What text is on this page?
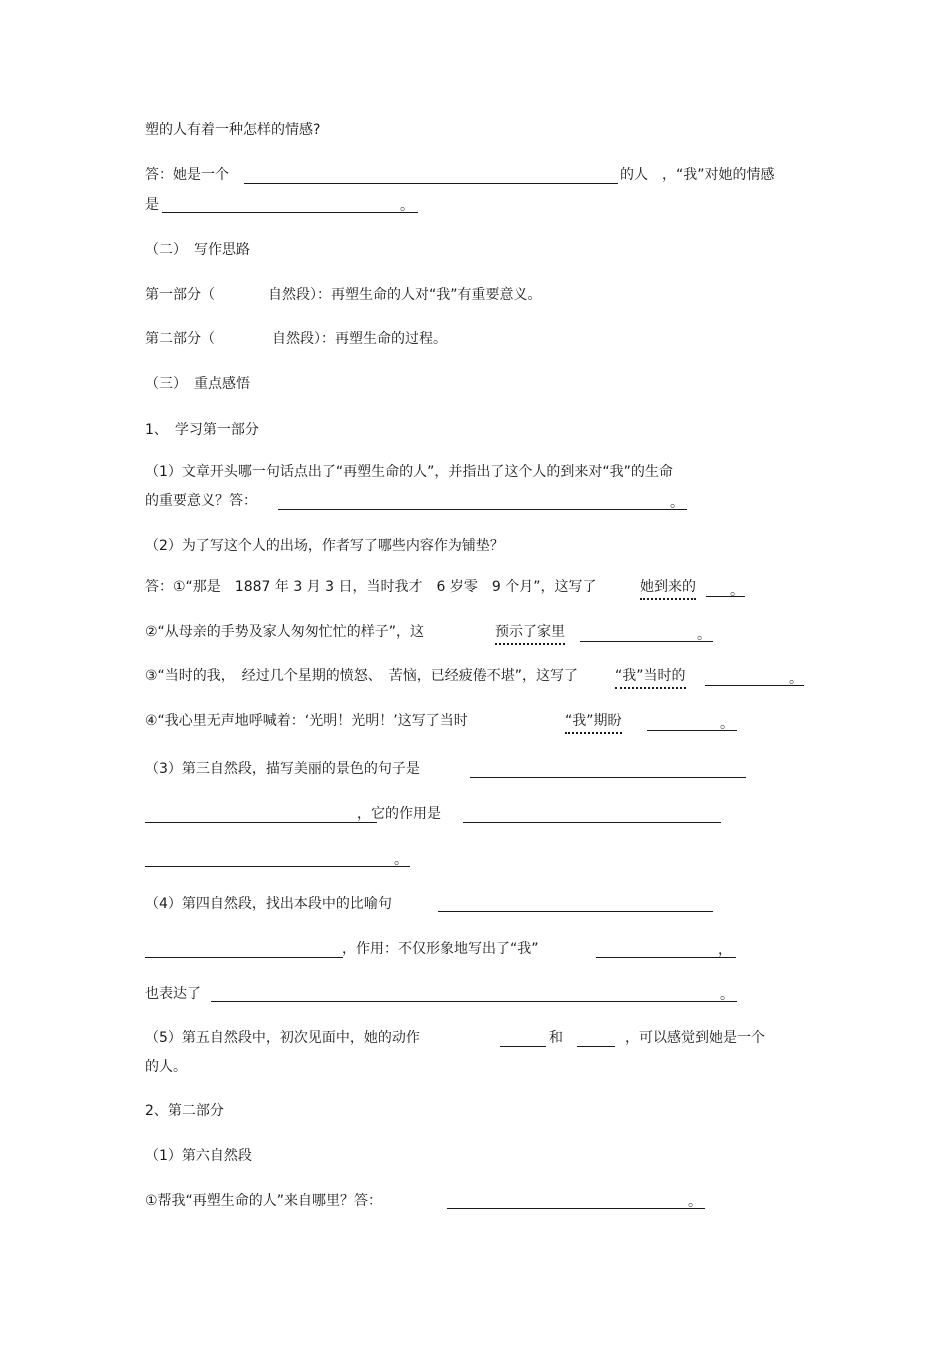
塑的人有着一种怎样的情感?
答：她是一个	的人　，“我”对她的情感
是	。
（二）　写作思路
第一部分（	自然段）：再塑生命的人对“我”有重要意义。
第二部分（	自然段）：再塑生命的过程。
（三）　重点感悟
1、　学习第一部分
（1）文章开头哪一句话点出了“再塑生命的人”，并指出了这个人的到来对“我”的生命
的重要意义？答：	。
（2）为了写这个人的出场，作者写了哪些内容作为铺垫？
答：①“那是　1887 年 3 月 3 日，当时我才　6 岁零　9 个月”，这写了	她到来的 。
②“从母亲的手势及家人匆匆忙忙的样子”，这	预示了家里	。
③“当时的我，　经过几个星期的愤怒、　苦恼，已经疲倦不堪”，这写了	“我”当时的	。
④“我心里无声地呼喊着：‘光明！光明！’这写了当时	“我”期盼	。
（3）第三自然段，描写美丽的景色的句子是
，它的作用是
。
（4）第四自然段，找出本段中的比喻句
，作用：不仅形象地写出了“我”	，
也表达了	。
（5）第五自然段中，初次见面中，她的动作	和	，可以感觉到她是一个
的人。
2、第二部分
（1）第六自然段
①帮我“再塑生命的人”来自哪里？答：	。
